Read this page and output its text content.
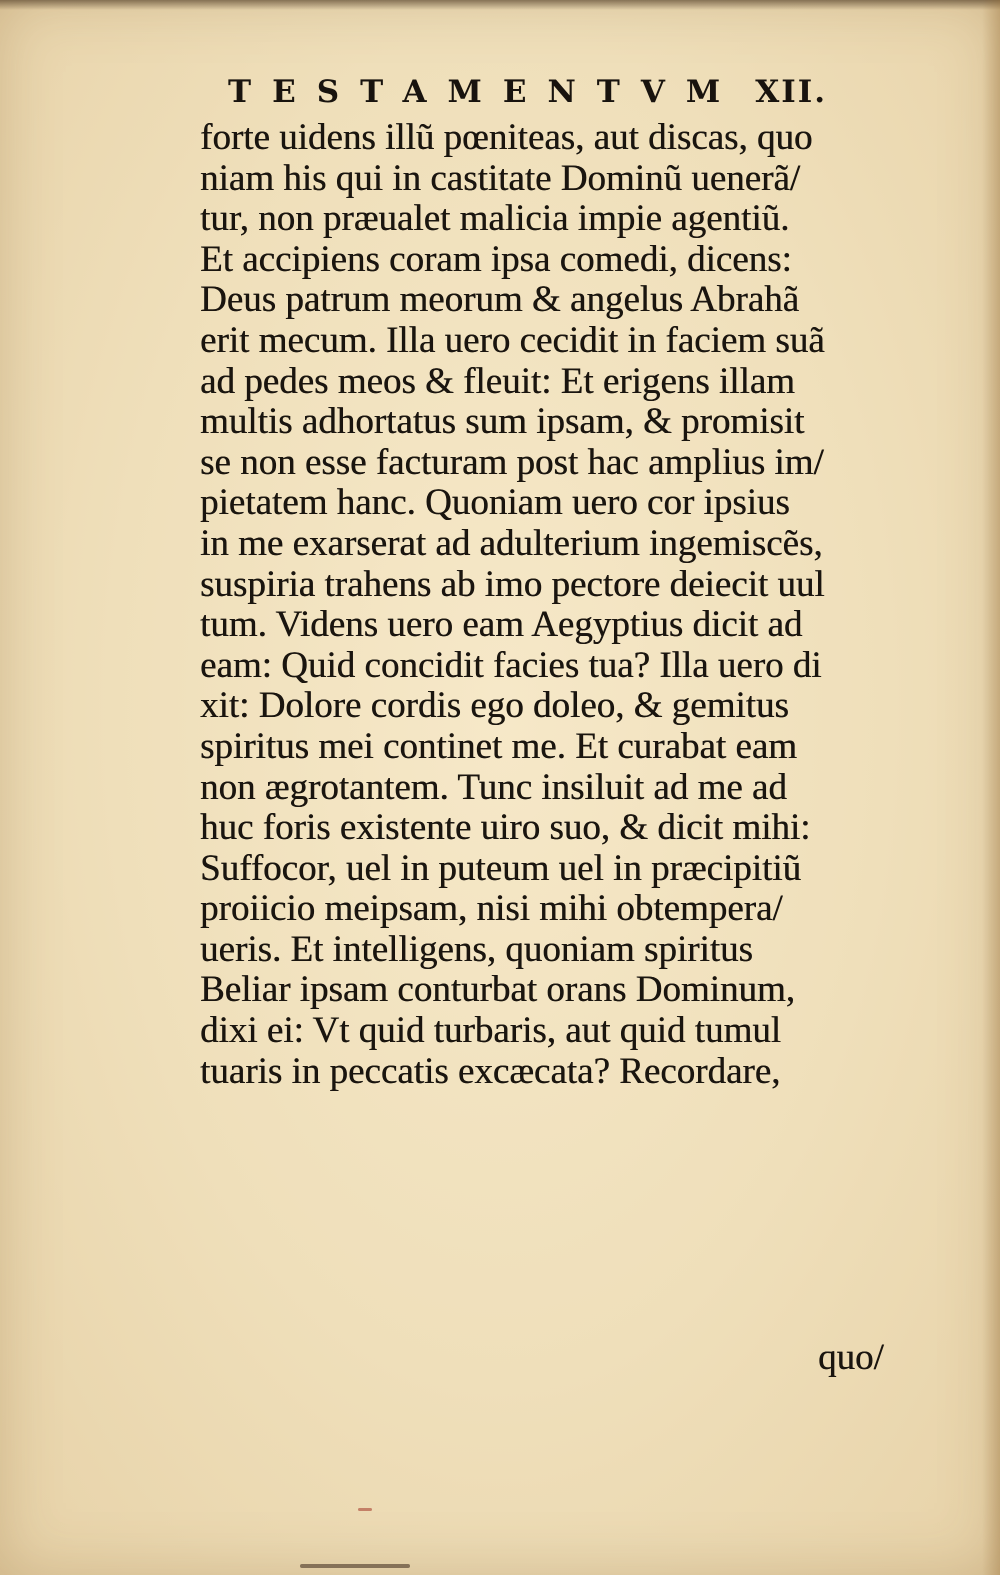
TESTAMENTVM XII.
forte uidens illũ pœniteas, aut discas, quo
niam his qui in castitate Dominũ uenerã/
tur, non præualet malicia impie agentiũ.
Et accipiens coram ipsa comedi, dicens:
Deus patrum meorum & angelus Abrahã
erit mecum. Illa uero cecidit in faciem suã
ad pedes meos & fleuit: Et erigens illam
multis adhortatus sum ipsam, & promisit
se non esse facturam post hac amplius im/
pietatem hanc. Quoniam uero cor ipsius
in me exarserat ad adulterium ingemiscẽs,
suspiria trahens ab imo pectore deiecit uul
tum. Videns uero eam Aegyptius dicit ad
eam: Quid concidit facies tua? Illa uero di
xit: Dolore cordis ego doleo, & gemitus
spiritus mei continet me. Et curabat eam
non ægrotantem. Tunc insiluit ad me ad
huc foris existente uiro suo, & dicit mihi:
Suffocor, uel in puteum uel in præcipitiũ
proiicio meipsam, nisi mihi obtempera/
ueris. Et intelligens, quoniam spiritus
Beliar ipsam conturbat orans Dominum,
dixi ei: Vt quid turbaris, aut quid tumul
tuaris in peccatis excæcata? Recordare,
quo/
